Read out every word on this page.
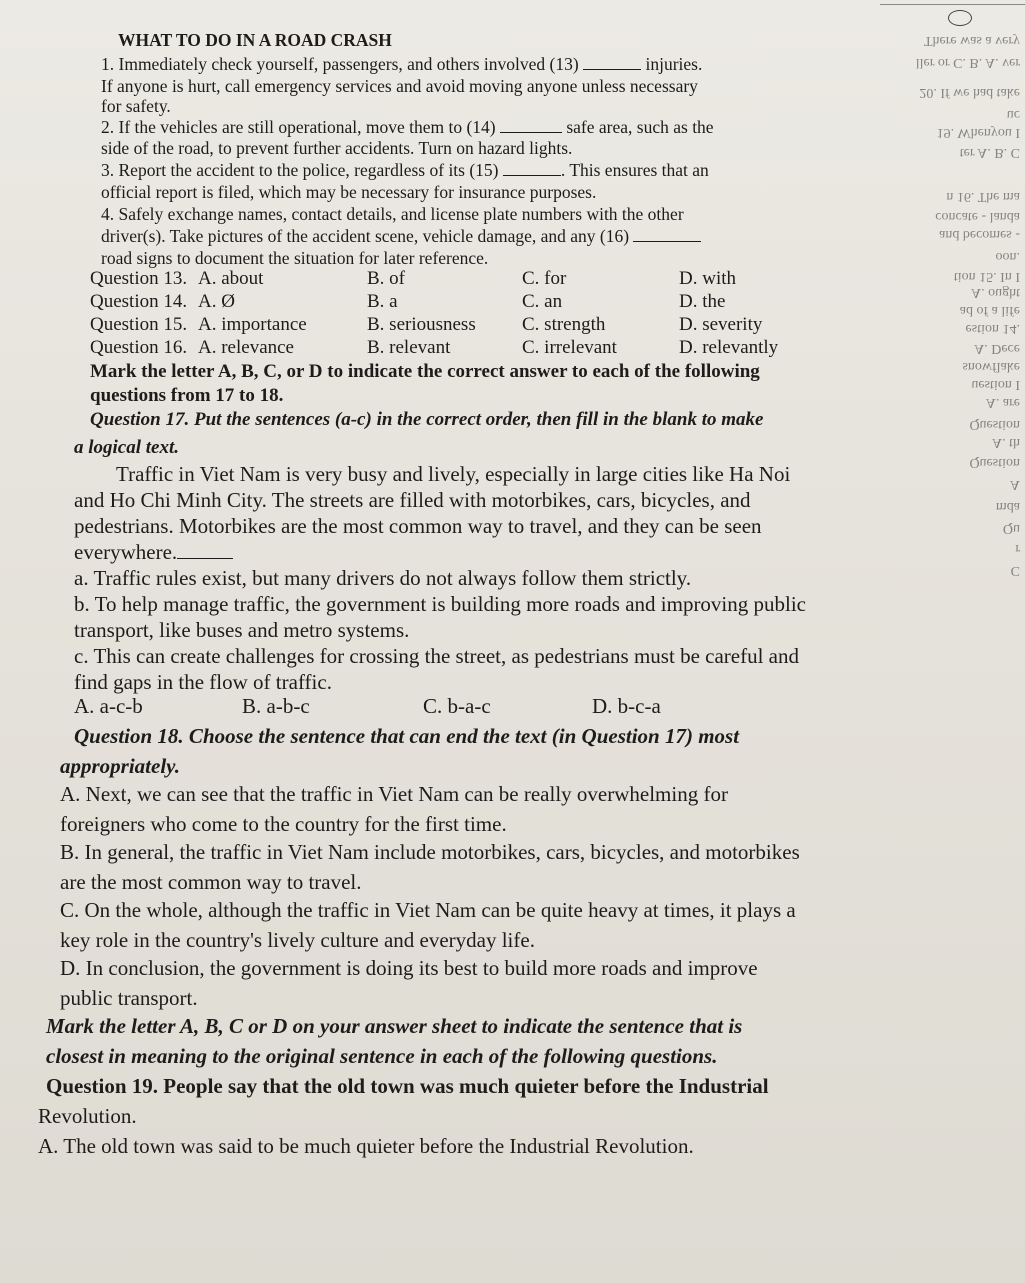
There was a very
ller or C. B. A. ver
20. If we had take
uc
19. Whenyou I
ter A. B. C
n 16. The ma
concate - landa
and becomes -
oon.
tion 15. In I
A. ought
ad of a life
estion 14.
A. Dece
snowflake
uestion I
A. are
Question
A. th
Question
A
mda
Qu
r
C
WHAT TO DO IN A ROAD CRASH
1. Immediately check yourself, passengers, and others involved (13)	injuries.
If anyone is hurt, call emergency services and avoid moving anyone unless necessary
for safety.
2. If the vehicles are still operational, move them to (14)	safe area, such as the
side of the road, to prevent further accidents. Turn on hazard lights.
3. Report the accident to the police, regardless of its (15)	. This ensures that an
official report is filed, which may be necessary for insurance purposes.
4. Safely exchange names, contact details, and license plate numbers with the other
driver(s). Take pictures of the accident scene, vehicle damage, and any (16)
road signs to document the situation for later reference.
Question 13. A. about	B. of	C. for	D. with
Question 14. A. Ø	B. a	C. an	D. the
Question 15. A. importance	B. seriousness C. strength	D. severity
Question 16. A. relevance	B. relevant	C. irrelevant	D. relevantly
Mark the letter A, B, C, or D to indicate the correct answer to each of the following
questions from 17 to 18.
Question 17. Put the sentences (a-c) in the correct order, then fill in the blank to make
a logical text.
Traffic in Viet Nam is very busy and lively, especially in large cities like Ha Noi
and Ho Chi Minh City. The streets are filled with motorbikes, cars, bicycles, and
pedestrians. Motorbikes are the most common way to travel, and they can be seen
everywhere.
a. Traffic rules exist, but many drivers do not always follow them strictly.
b. To help manage traffic, the government is building more roads and improving public
transport, like buses and metro systems.
c. This can create challenges for crossing the street, as pedestrians must be careful and
find gaps in the flow of traffic.
A. a-c-b	B. a-b-c	C. b-a-c	D. b-c-a
Question 18. Choose the sentence that can end the text (in Question 17) most
appropriately.
A. Next, we can see that the traffic in Viet Nam can be really overwhelming for
foreigners who come to the country for the first time.
B. In general, the traffic in Viet Nam include motorbikes, cars, bicycles, and motorbikes
are the most common way to travel.
C. On the whole, although the traffic in Viet Nam can be quite heavy at times, it plays a
key role in the country's lively culture and everyday life.
D. In conclusion, the government is doing its best to build more roads and improve
public transport.
Mark the letter A, B, C or D on your answer sheet to indicate the sentence that is
closest in meaning to the original sentence in each of the following questions.
Question 19. People say that the old town was much quieter before the Industrial
Revolution.
A. The old town was said to be much quieter before the Industrial Revolution.
